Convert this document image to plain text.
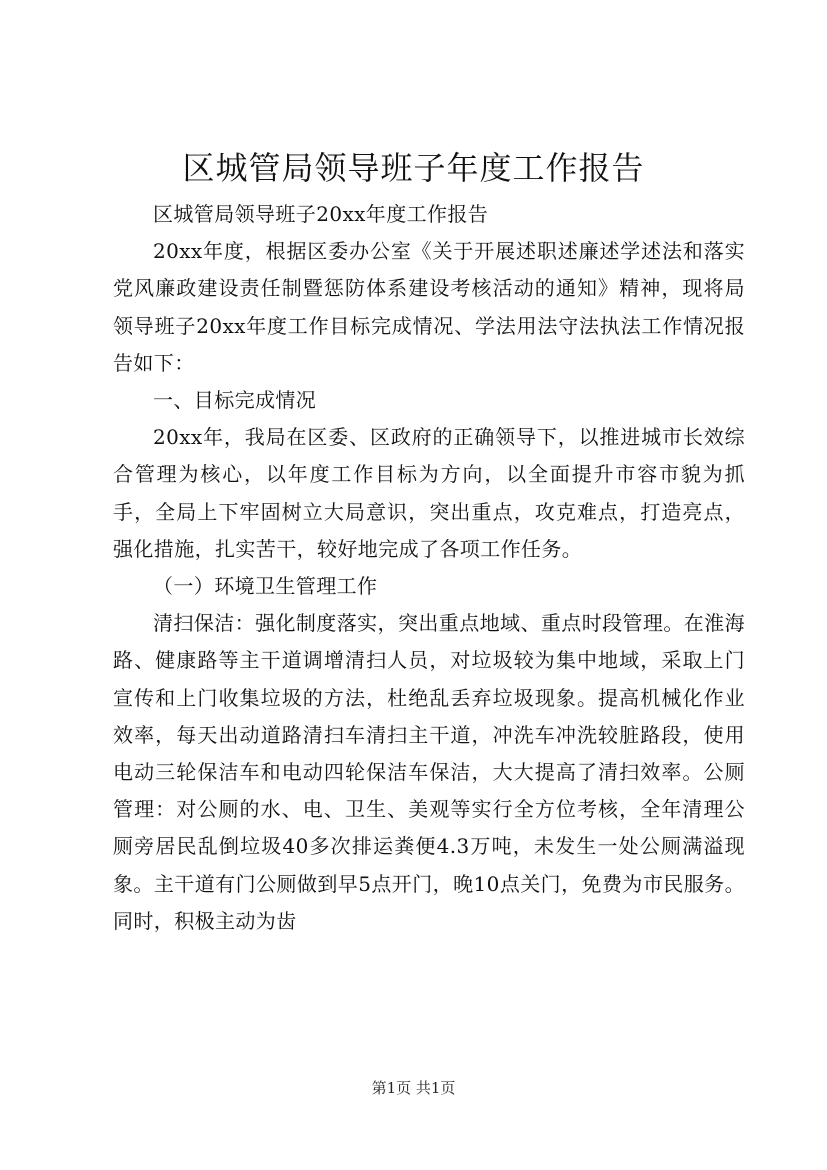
区城管局领导班子年度工作报告

区城管局领导班子20xx年度工作报告

20xx年度，根据区委办公室《关于开展述职述廉述学述法和落实党风廉政建设责任制暨惩防体系建设考核活动的通知》精神，现将局领导班子20xx年度工作目标完成情况、学法用法守法执法工作情况报告如下：

一、目标完成情况

20xx年，我局在区委、区政府的正确领导下，以推进城市长效综合管理为核心，以年度工作目标为方向，以全面提升市容市貌为抓手，全局上下牢固树立大局意识，突出重点，攻克难点，打造亮点，强化措施，扎实苦干，较好地完成了各项工作任务。

（一）环境卫生管理工作

清扫保洁：强化制度落实，突出重点地域、重点时段管理。在淮海路、健康路等主干道调增清扫人员，对垃圾较为集中地域，采取上门宣传和上门收集垃圾的方法，杜绝乱丢弃垃圾现象。提高机械化作业效率，每天出动道路清扫车清扫主干道，冲洗车冲洗较脏路段，使用电动三轮保洁车和电动四轮保洁车保洁，大大提高了清扫效率。公厕管理：对公厕的水、电、卫生、美观等实行全方位考核，全年清理公厕旁居民乱倒垃圾40多次排运粪便4.3万吨，未发生一处公厕满溢现象。主干道有门公厕做到早5点开门，晚10点关门，免费为市民服务。同时，积极主动为齿

第1页 共1页
